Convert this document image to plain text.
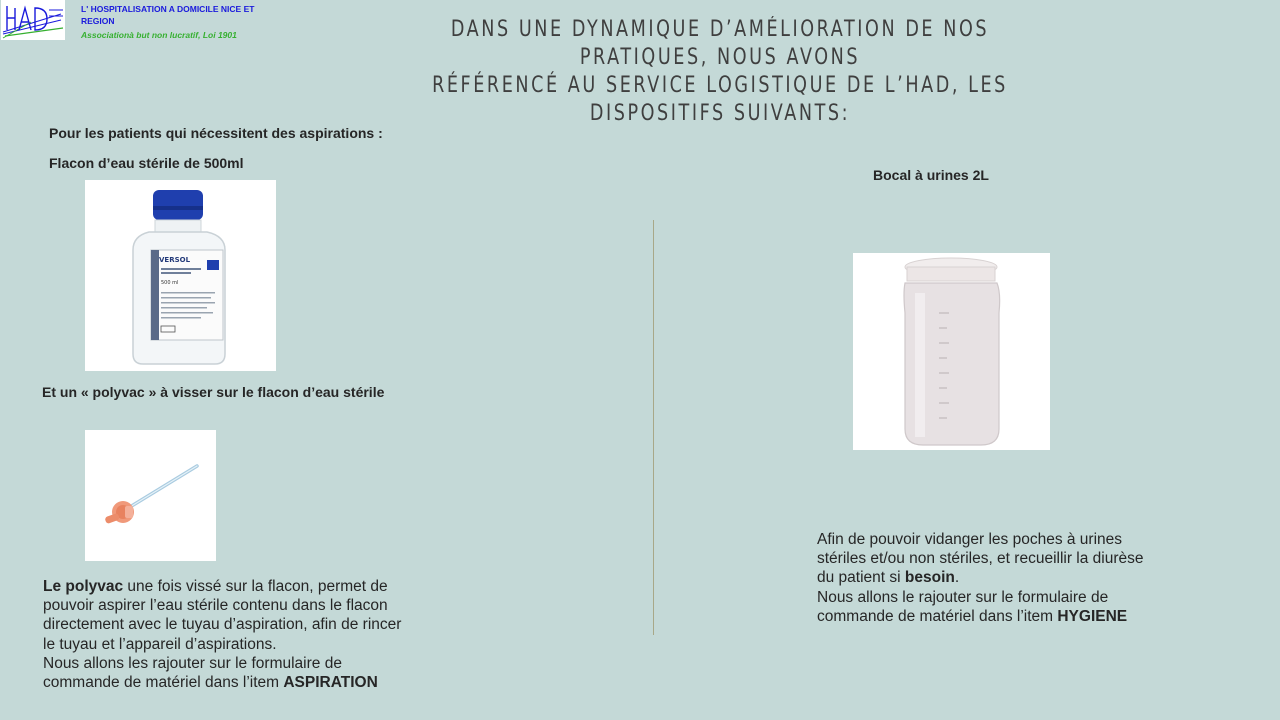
L' HOSPITALISATION A DOMICILE NICE ET REGION
Associationà but non lucratif, Loi 1901	DANS UNE DYNAMIQUE D’AMÉLIORATION DE NOS PRATIQUES, NOUS AVONS
RÉFÉRENCÉ AU SERVICE LOGISTIQUE DE L’HAD, LES DISPOSITIFS SUIVANTS:
Pour les patients qui nécessitent des aspirations :
Flacon d’eau stérile de 500ml
VERSOL
500 ml
Et un « polyvac » à visser sur le flacon d’eau stérile
Le polyvac une fois vissé sur la flacon, permet de pouvoir aspirer l’eau stérile contenu dans le flacon directement avec le tuyau d’aspiration, afin de rincer le tuyau et l’appareil d’aspirations.
Nous allons les rajouter sur le formulaire de commande de matériel dans l’item ASPIRATION
Bocal à urines 2L
Afin de pouvoir vidanger les poches à urines stériles et/ou non stériles, et recueillir la diurèse du patient si besoin.
Nous allons le rajouter sur le formulaire de commande de matériel dans l’item HYGIENE
